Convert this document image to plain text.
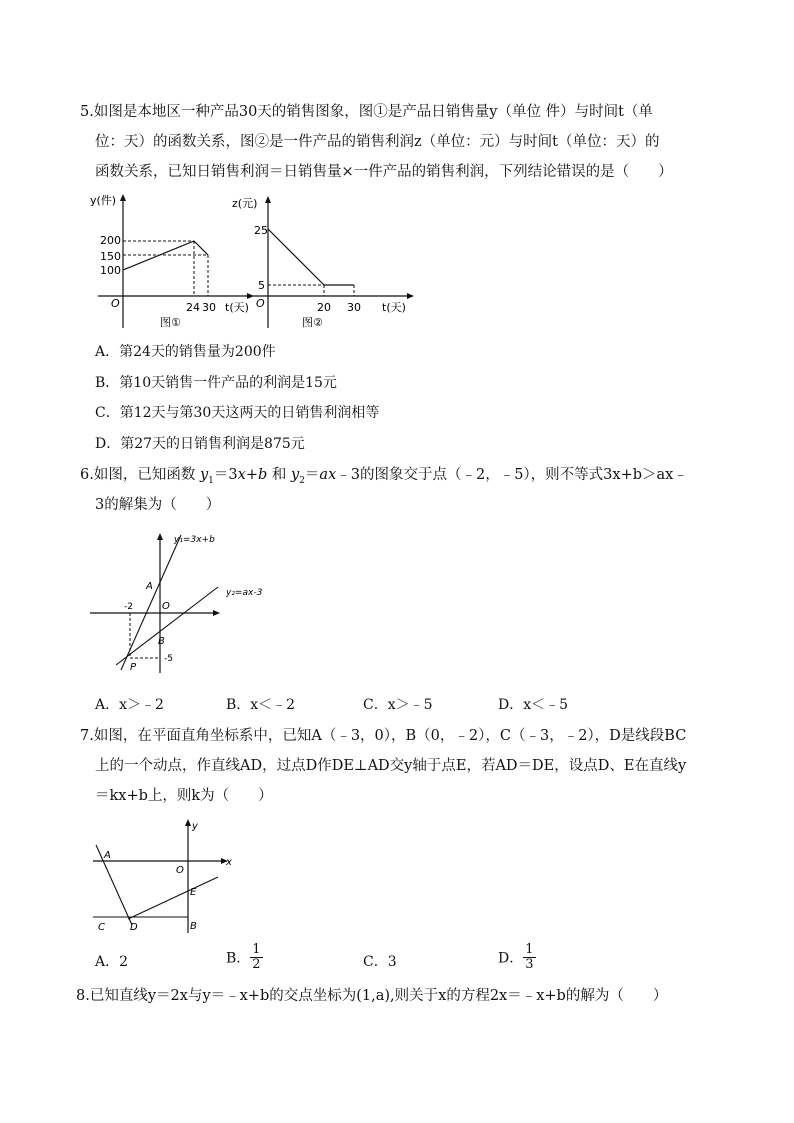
5.如图是本地区一种产品30天的销售图象，图①是产品日销售量y（单位 件）与时间t（单
位：天）的函数关系，图②是一件产品的销售利润z（单位：元）与时间t（单位：天）的
函数关系，已知日销售利润＝日销售量×一件产品的销售利润，下列结论错误的是（　　）
y(件)
t(天)
O
200
150
100
24 30
图①
z(元)
t(天)
O
25
5
20 30
图②
A．第24天的销售量为200件
B．第10天销售一件产品的利润是15元
C．第12天与第30天这两天的日销售利润相等
D．第27天的日销售利润是875元
6.如图，已知函数 $y_1=3x+b$ 和 $y_2=ax﹣3$的图象交于点（﹣2，﹣5），则不等式3x+b＞ax﹣
3的解集为（　　）
y₁=3x+b
y₂=ax-3
A
O
-2
B
-5
P
A．x＞﹣2	B．x＜﹣2	C．x＞﹣5	D．x＜﹣5
7.如图，在平面直角坐标系中，已知A（﹣3，0），B（0，﹣2），C（﹣3，﹣2），D是线段BC
上的一个动点，作直线AD，过点D作DE⊥AD交y轴于点E，若AD＝DE，设点D、E在直线y
＝kx+b上，则k为（　　）
y
x
A
O
E
C	D	B
A．2	B． $\frac{1}{2}$	C．3	D． $\frac{1}{3}$
8.已知直线y＝2x与y＝﹣x+b的交点坐标为(1,a),则关于x的方程2x＝﹣x+b的解为（　　）
